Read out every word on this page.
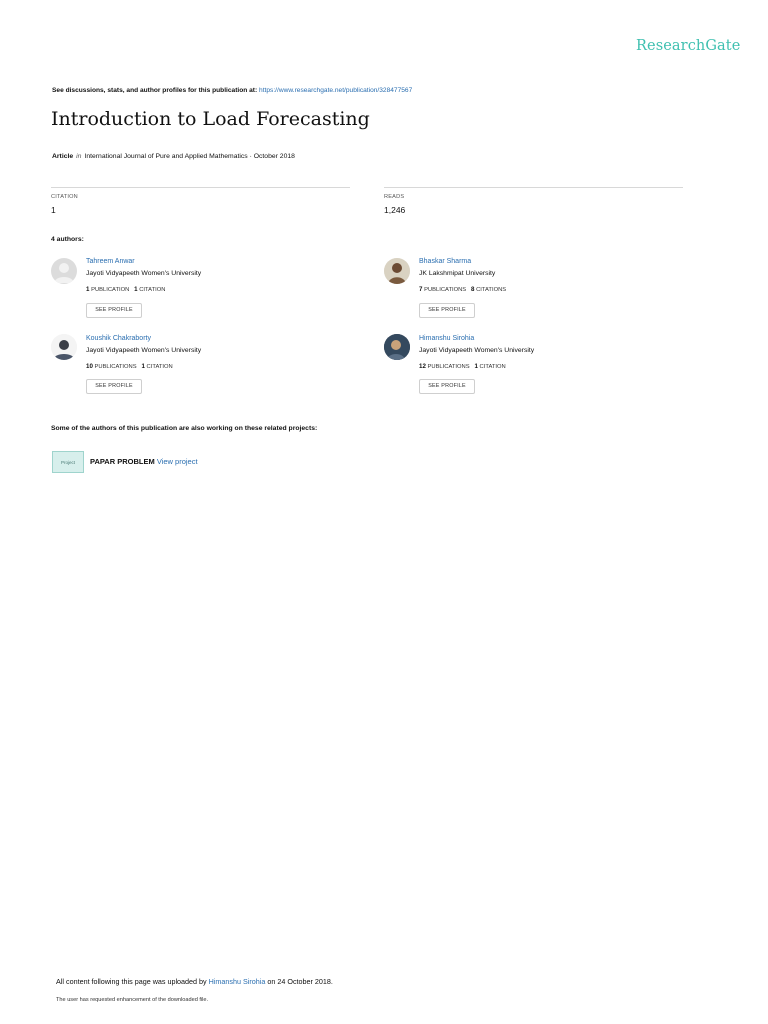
ResearchGate
See discussions, stats, and author profiles for this publication at: https://www.researchgate.net/publication/328477567
Introduction to Load Forecasting
Article in International Journal of Pure and Applied Mathematics · October 2018
CITATION
1
READS
1,246
4 authors:
Tahreem Anwar
Jayoti Vidyapeeth Women's University
1 PUBLICATION 1 CITATION
SEE PROFILE
Bhaskar Sharma
JK Lakshmipat University
7 PUBLICATIONS 8 CITATIONS
SEE PROFILE
Koushik Chakraborty
Jayoti Vidyapeeth Women's University
10 PUBLICATIONS 1 CITATION
SEE PROFILE
Himanshu Sirohia
Jayoti Vidyapeeth Women's University
12 PUBLICATIONS 1 CITATION
SEE PROFILE
Some of the authors of this publication are also working on these related projects:
Project	PAPAR PROBLEM View project
All content following this page was uploaded by Himanshu Sirohia on 24 October 2018.
The user has requested enhancement of the downloaded file.
